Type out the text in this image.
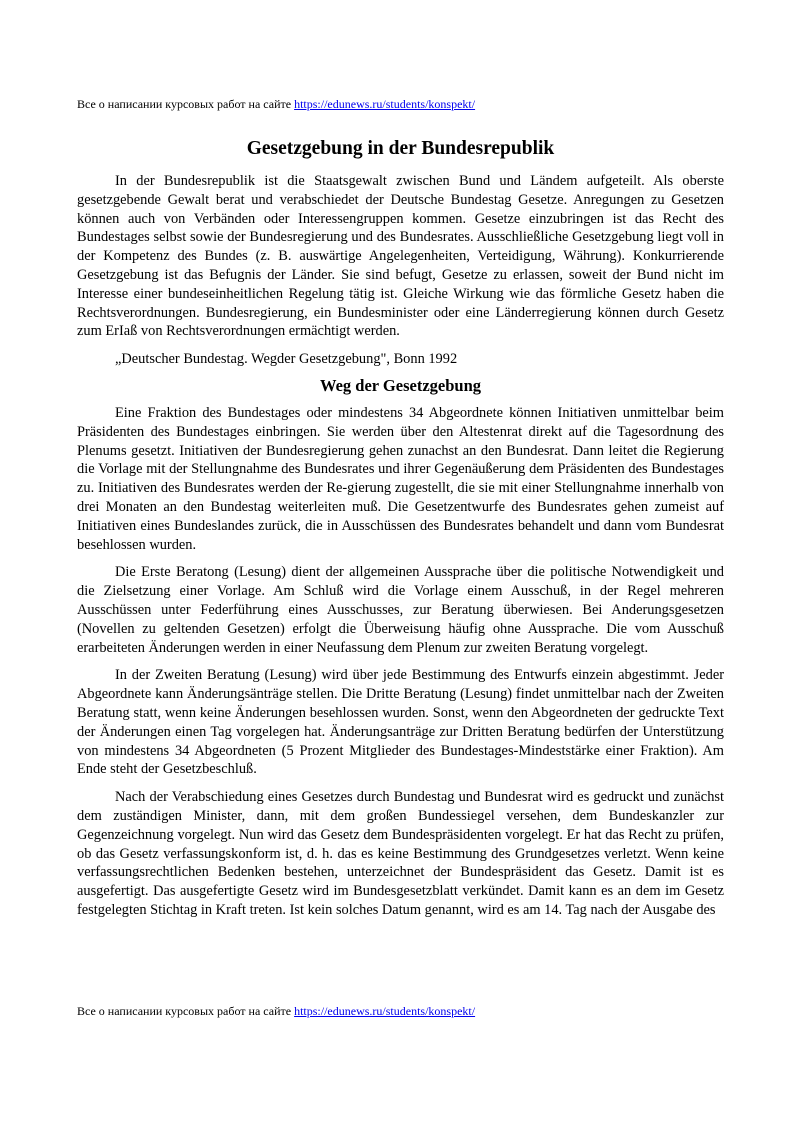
Все о написании курсовых работ на сайте https://edunews.ru/students/konspekt/
Gesetzgebung in der Bundesrepublik

In der Bundesrepublik ist die Staatsgewalt zwischen Bund und Ländem aufgeteilt. Als oberste gesetzgebende Gewalt berat und verabschiedet der Deutsche Bundestag Gesetze. Anregungen zu Gesetzen können auch von Verbänden oder Interessengruppen kommen. Gesetze einzubringen ist das Recht des Bundestages selbst sowie der Bundesregierung und des Bundesrates. Ausschließliche Gesetzgebung liegt voll in der Kompetenz des Bundes (z. B. auswärtige Angelegenheiten, Verteidigung, Währung). Konkurrierende Gesetzgebung ist das Befugnis der Länder. Sie sind befugt, Gesetze zu erlassen, soweit der Bund nicht im Interesse einer bundeseinheitlichen Regelung tätig ist. Gleiche Wirkung wie das förmliche Gesetz haben die Rechtsverordnungen. Bundesregierung, ein Bundesminister oder eine Länderregierung können durch Gesetz zum ErIaß von Rechtsverordnungen ermächtigt werden.

„Deutscher Bundestag. Wegder Gesetzgebung", Bonn 1992

Weg der Gesetzgebung

Eine Fraktion des Bundestages oder mindestens 34 Abgeordnete können Initiativen unmittelbar beim Präsidenten des Bundestages einbringen. Sie werden über den Altestenrat direkt auf die Tagesordnung des Plenums gesetzt. Initiativen der Bundesregierung gehen zunachst an den Bundesrat. Dann leitet die Regierung die Vorlage mit der Stellungnahme des Bundesrates und ihrer Gegenäußerung dem Präsidenten des Bundestages zu. Initiativen des Bundesrates werden der Re-gierung zugestellt, die sie mit einer Stellungnahme innerhalb von drei Monaten an den Bundestag weiterleiten muß. Die Gesetzentwurfe des Bundesrates gehen zumeist auf Initiativen eines Bundeslandes zurück, die in Ausschüssen des Bundesrates behandelt und dann vom Bundesrat besehlossen wurden.

Die Erste Beratong (Lesung) dient der allgemeinen Aussprache über die politische Notwendigkeit und die Zielsetzung einer Vorlage. Am Schluß wird die Vorlage einem Ausschuß, in der Regel mehreren Ausschüssen unter Federführung eines Ausschusses, zur Beratung überwiesen. Bei Anderungsgesetzen (Novellen zu geltenden Gesetzen) erfolgt die Überweisung häufig ohne Aussprache. Die vom Ausschuß erarbeiteten Änderungen werden in einer Neufassung dem Plenum zur zweiten Beratung vorgelegt.

In der Zweiten Beratung (Lesung) wird über jede Bestimmung des Entwurfs einzein abgestimmt. Jeder Abgeordnete kann Änderungsänträge stellen. Die Dritte Beratung (Lesung) findet unmittelbar nach der Zweiten Beratung statt, wenn keine Änderungen besehlossen wurden. Sonst, wenn den Abgeordneten der gedruckte Text der Änderungen einen Tag vorgelegen hat. Änderungsanträge zur Dritten Beratung bedürfen der Unterstützung von mindestens 34 Abgeordneten (5 Prozent Mitglieder des Bundestages-Mindeststärke einer Fraktion). Am Ende steht der Gesetzbeschluß.

Nach der Verabschiedung eines Gesetzes durch Bundestag und Bundesrat wird es gedruckt und zunächst dem zuständigen Minister, dann, mit dem großen Bundessiegel versehen, dem Bundeskanzler zur Gegenzeichnung vorgelegt. Nun wird das Gesetz dem Bundespräsidenten vorgelegt. Er hat das Recht zu prüfen, ob das Gesetz verfassungskonform ist, d. h. das es keine Bestimmung des Grundgesetzes verletzt. Wenn keine verfassungsrechtlichen Bedenken bestehen, unterzeichnet der Bundespräsident das Gesetz. Damit ist es ausgefertigt. Das ausgefertigte Gesetz wird im Bundesgesetzblatt verkündet. Damit kann es an dem im Gesetz festgelegten Stichtag in Kraft treten. Ist kein solches Datum genannt, wird es am 14. Tag nach der Ausgabe des

Все о написании курсовых работ на сайте https://edunews.ru/students/konspekt/
